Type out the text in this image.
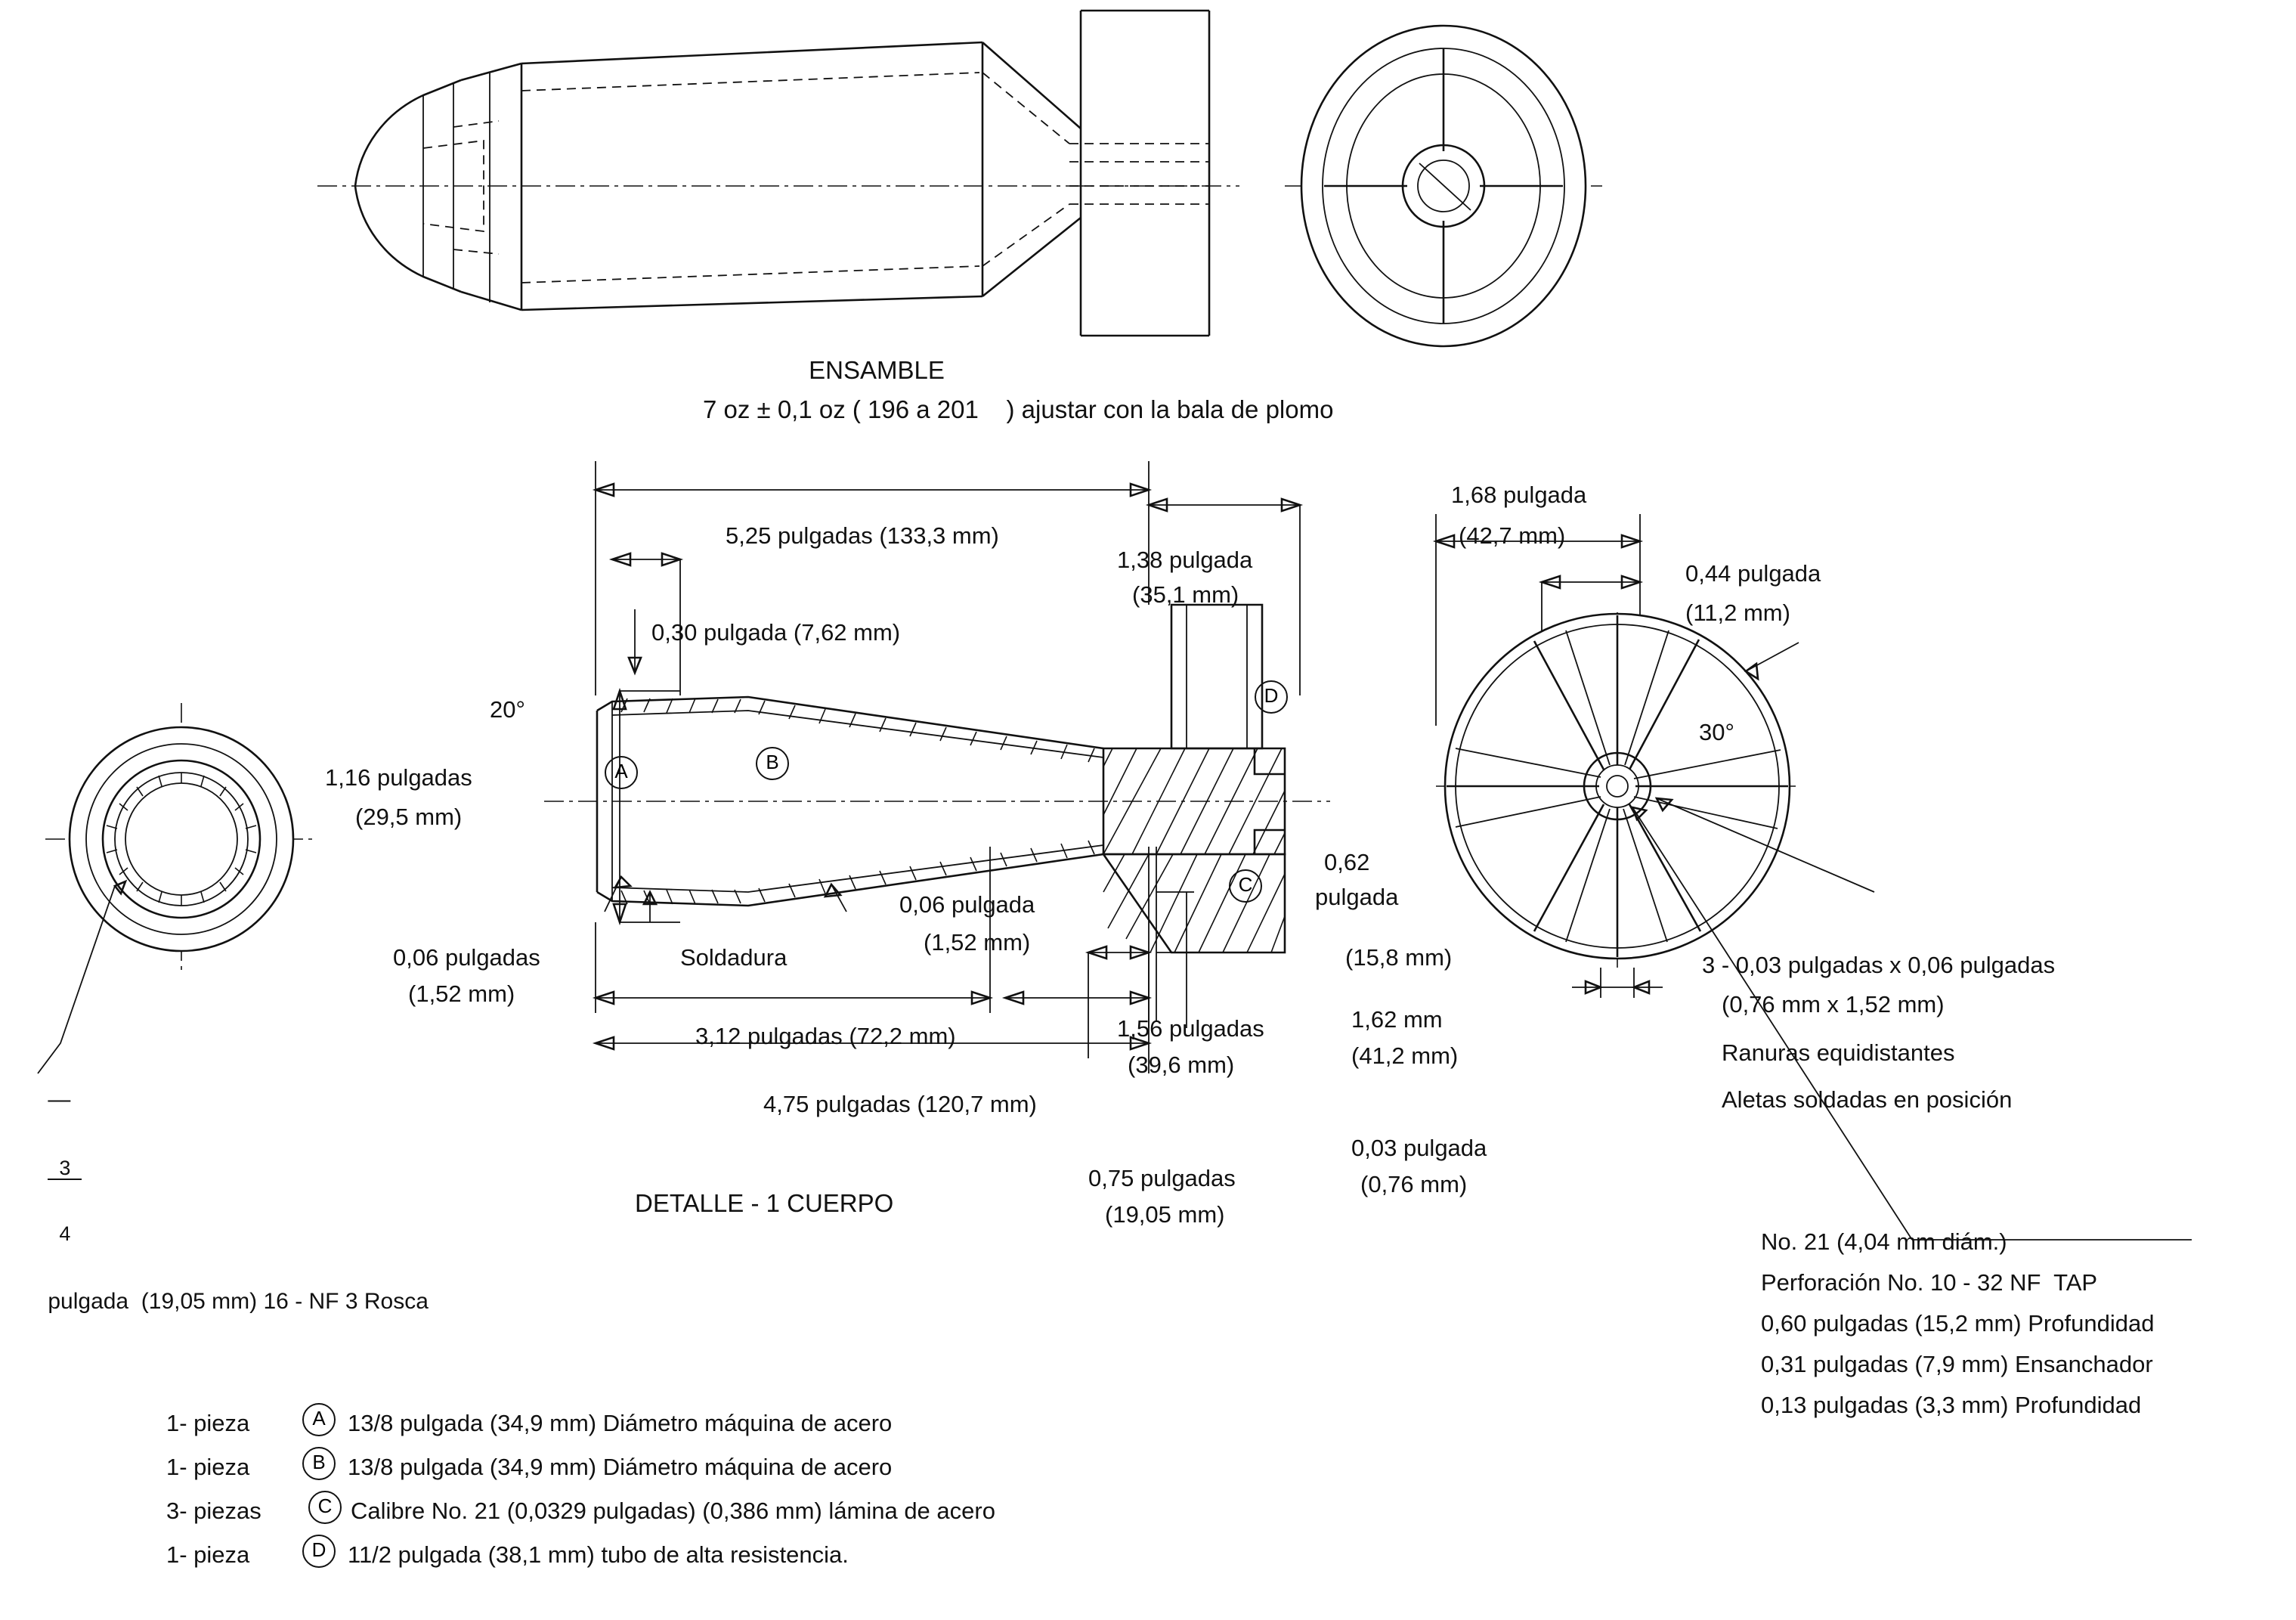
ENSAMBLE
7 oz ± 0,1 oz ( 196 a 201    ) ajustar con la bala de plomo

—

$\frac{3}{4}$

pulgada  (19,05 mm) 16 - NF 3 Rosca

5,25 pulgadas (133,3 mm)
1,38 pulgada
(35,1 mm)
0,30 pulgada (7,62 mm)
20°
1,16 pulgadas
(29,5 mm)
0,06 pulgadas
(1,52 mm)
Soldadura
0,06 pulgada
(1,52 mm)
0,62
pulgada
(15,8 mm)
3,12 pulgadas (72,2 mm)	1,56 pulgadas
(39,6 mm)
4,75 pulgadas (120,7 mm)
1,62 mm
(41,2 mm)
0,75 pulgadas
(19,05 mm)
0,03 pulgada
(0,76 mm)
DETALLE - 1 CUERPO
A	B
C
D
1,68 pulgada
(42,7 mm)
0,44 pulgada
(11,2 mm)
30°
3 - 0,03 pulgadas x 0,06 pulgadas
(0,76 mm x 1,52 mm)
Ranuras equidistantes
Aletas soldadas en posición
No. 21 (4,04 mm diám.)
Perforación No. 10 - 32 NF  TAP
0,60 pulgadas (15,2 mm) Profundidad
0,31 pulgadas (7,9 mm) Ensanchador
0,13 pulgadas (3,3 mm) Profundidad
1- pieza	A 13/8 pulgada (34,9 mm) Diámetro máquina de acero
1- pieza	B 13/8 pulgada (34,9 mm) Diámetro máquina de acero
3- piezas	C Calibre No. 21 (0,0329 pulgadas) (0,386 mm) lámina de acero
1- pieza	D 11/2 pulgada (38,1 mm) tubo de alta resistencia.
